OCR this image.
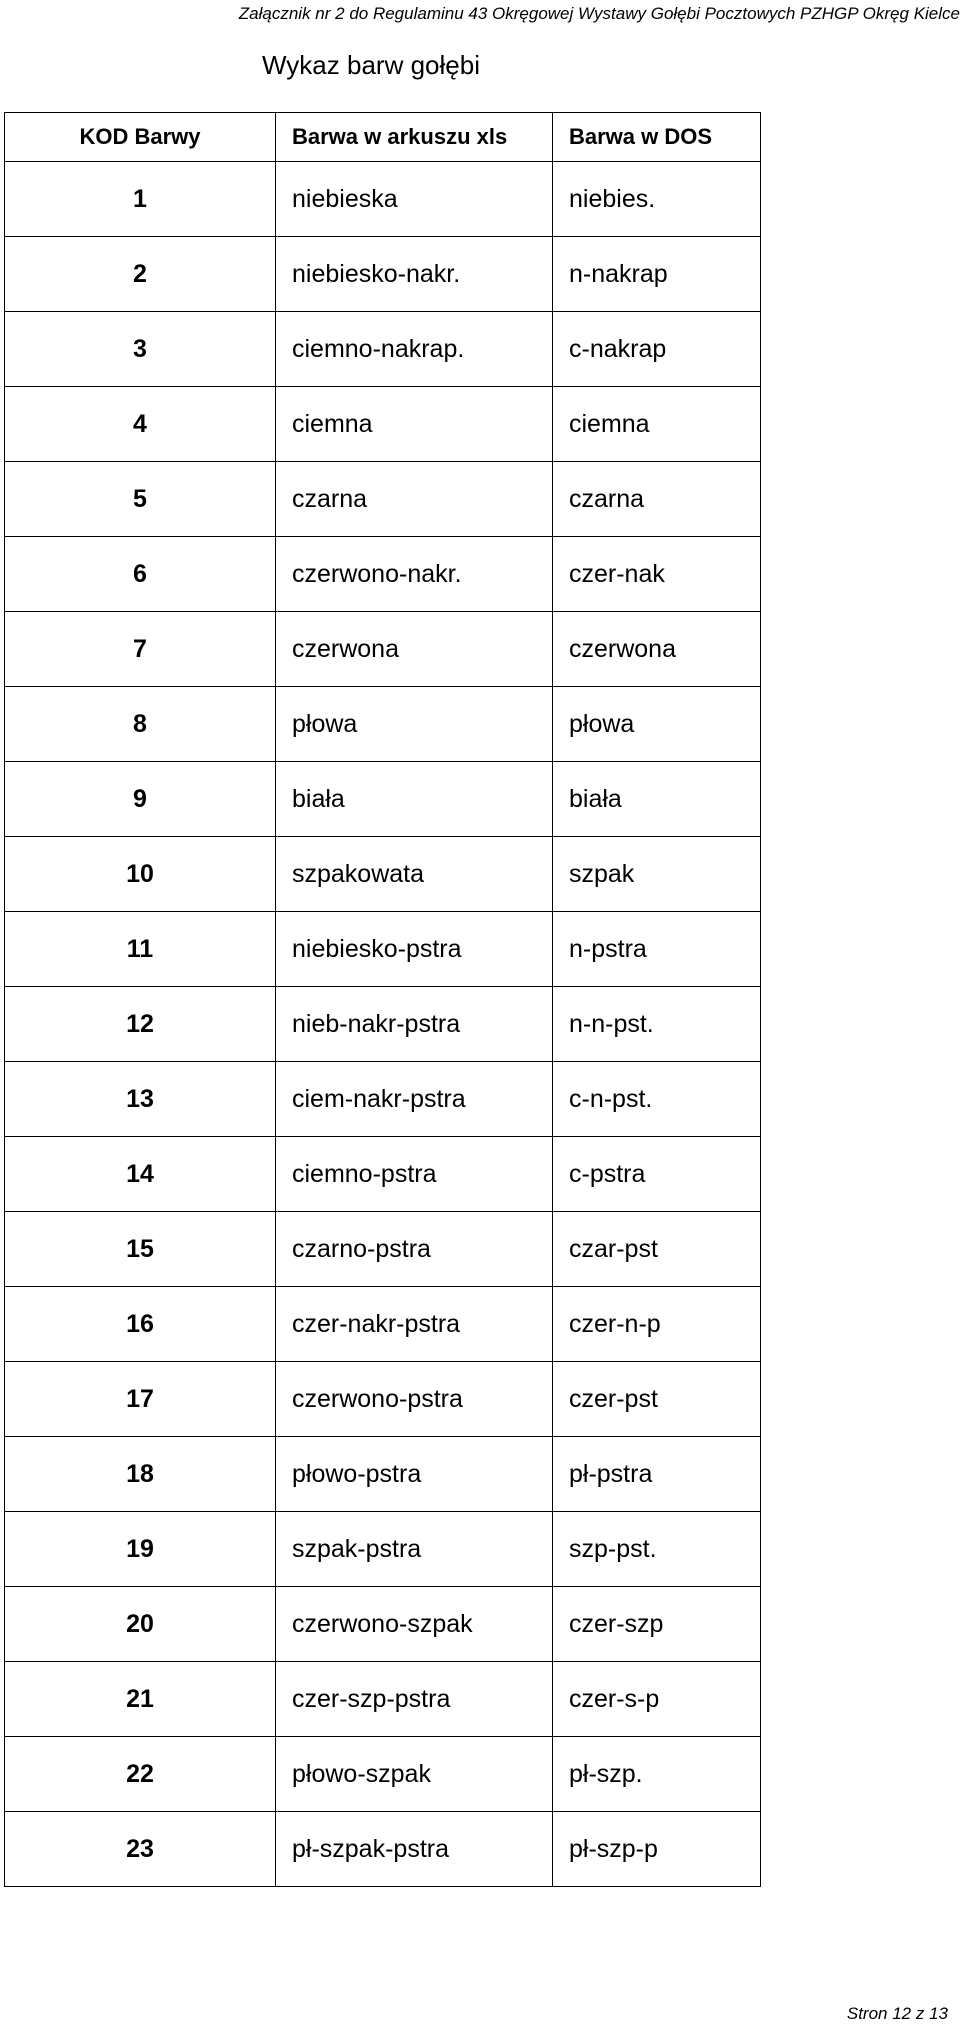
Załącznik nr 2 do Regulaminu 43 Okręgowej Wystawy Gołębi Pocztowych PZHGP Okręg Kielce
Wykaz barw gołębi
KOD Barwy	Barwa w arkuszu xls	Barwa w DOS
1	niebieska	niebies.
2	niebiesko-nakr.	n-nakrap
3	ciemno-nakrap.	c-nakrap
4	ciemna	ciemna
5	czarna	czarna
6	czerwono-nakr.	czer-nak
7	czerwona	czerwona
8	płowa	płowa
9	biała	biała
10	szpakowata	szpak
11	niebiesko-pstra	n-pstra
12	nieb-nakr-pstra	n-n-pst.
13	ciem-nakr-pstra	c-n-pst.
14	ciemno-pstra	c-pstra
15	czarno-pstra	czar-pst
16	czer-nakr-pstra	czer-n-p
17	czerwono-pstra	czer-pst
18	płowo-pstra	pł-pstra
19	szpak-pstra	szp-pst.
20	czerwono-szpak	czer-szp
21	czer-szp-pstra	czer-s-p
22	płowo-szpak	pł-szp.
23	pł-szpak-pstra	pł-szp-p
Stron 12 z 13
